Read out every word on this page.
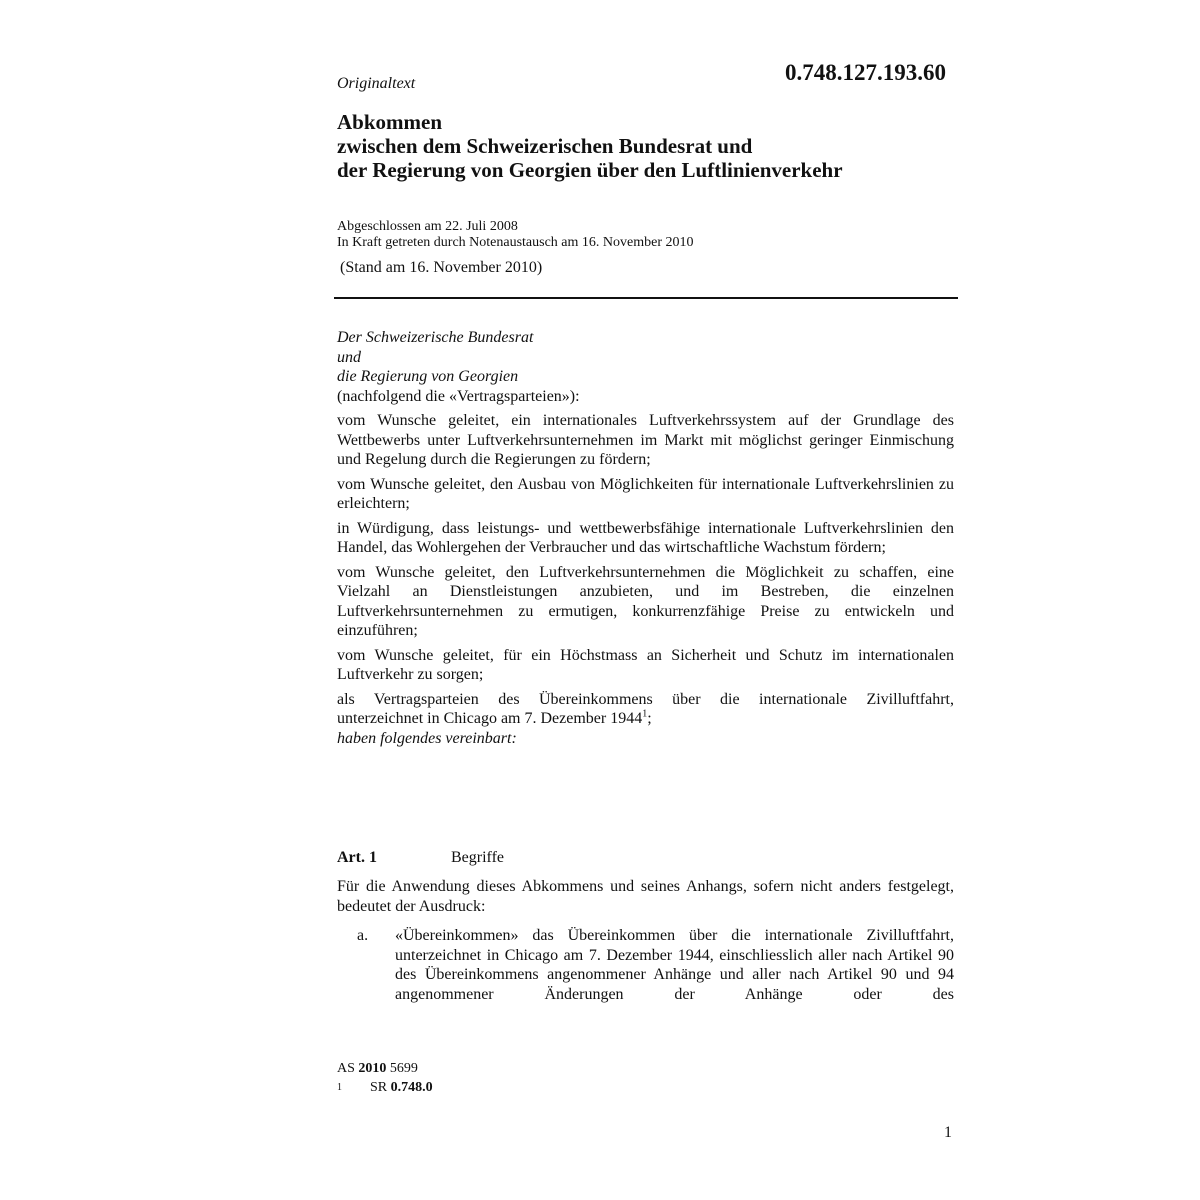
Originaltext	0.748.127.193.60
Abkommen
zwischen dem Schweizerischen Bundesrat und
der Regierung von Georgien über den Luftlinienverkehr
Abgeschlossen am 22. Juli 2008
In Kraft getreten durch Notenaustausch am 16. November 2010
(Stand am 16. November 2010)

Der Schweizerische Bundesrat

und

die Regierung von Georgien

(nachfolgend die «Vertragsparteien»):

vom Wunsche geleitet, ein internationales Luftverkehrssystem auf der Grundlage des Wettbewerbs unter Luftverkehrsunternehmen im Markt mit möglichst geringer Einmischung und Regelung durch die Regierungen zu fördern;

vom Wunsche geleitet, den Ausbau von Möglichkeiten für internationale Luftverkehrslinien zu erleichtern;

in Würdigung, dass leistungs- und wettbewerbsfähige internationale Luftverkehrslinien den Handel, das Wohlergehen der Verbraucher und das wirtschaftliche Wachstum fördern;

vom Wunsche geleitet, den Luftverkehrsunternehmen die Möglichkeit zu schaffen, eine Vielzahl an Dienstleistungen anzubieten, und im Bestreben, die einzelnen Luftverkehrsunternehmen zu ermutigen, konkurrenzfähige Preise zu entwickeln und einzuführen;

vom Wunsche geleitet, für ein Höchstmass an Sicherheit und Schutz im internationalen Luftverkehr zu sorgen;

als Vertragsparteien des Übereinkommens über die internationale Zivilluftfahrt,
unterzeichnet in Chicago am 7. Dezember 1944$^1$;

haben folgendes vereinbart:

Art. 1	Begriffe
Für die Anwendung dieses Abkommens und seines Anhangs, sofern nicht anders festgelegt, bedeutet der Ausdruck:
a. «Übereinkommen» das Übereinkommen über die internationale Zivilluftfahrt, unterzeichnet in Chicago am 7. Dezember 1944, einschliesslich aller nach Artikel 90 des Übereinkommens angenommener Anhänge und aller nach Artikel 90 und 94 angenommener Änderungen der Anhänge oder des
AS 2010 5699
1 SR 0.748.0
1
